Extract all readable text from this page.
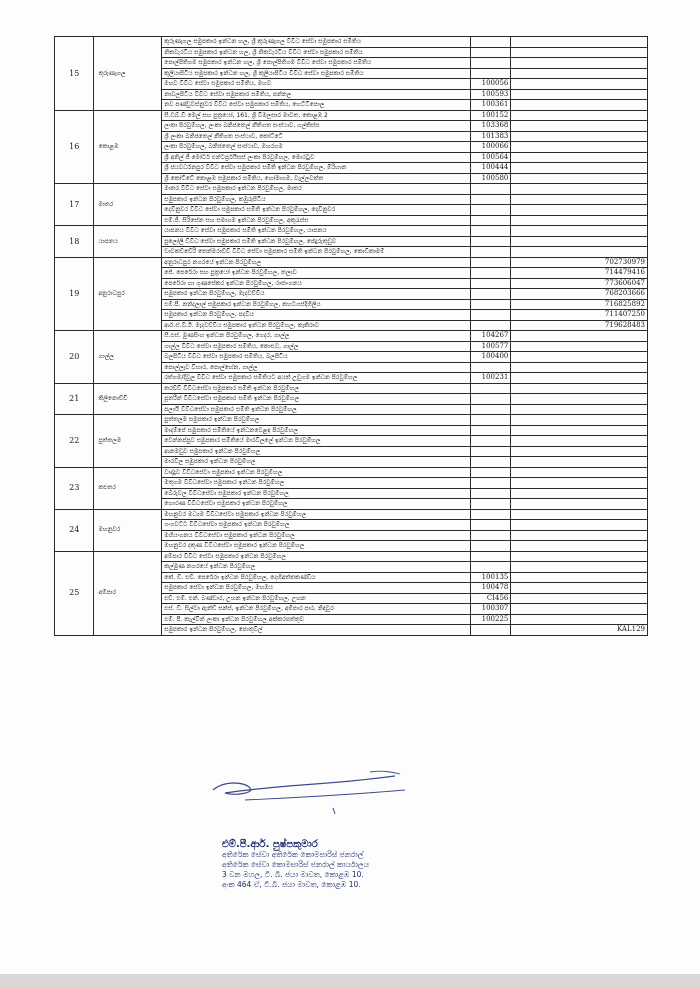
15	කුරුණෑගල	කුරුණෑගල සමුපකාර ඉන්ධන හල, ශ්‍රී කුරුණෑගල විවිධ සේවා සමුපකාර සමිතිය		
		නිකවැරටිය සමුපකාර ඉන්ධන හල, ශ්‍රී නිකවැරටිය විවිධ සේවා සමුපකාර සමිතිය		
		පොල්පිතිගම සමුපකාර ඉන්ධන හල, ශ්‍රී පොල්පිතිගම විවිධ සේවා සමුපකාර සමිතිය		
		කුලියාපිටිය සමුපකාර ඉන්ධන හල, ශ්‍රී කුලියාපිටිය විවිධ සේවා සමුපකාර සමිතිය		
		මහව විවිධ සේවා සමුපකාර සමිතිය, මහව	100056	
		නාවලපිටිය විවිධ සේවා සමුපකාර සමිතිය, පන්නල	100593	
		නව පණ්ඩුවස්නුවර විවිධ සේවා සමුපකාර සමිතිය, හෙට්ටිපොල	100361	
16	කොළඹ	සී.ඩබ්.ඩී මෙල් සහ පුත්‍රයෝ, 161, ශ්‍රී විමලසාර මාවත, කොළඹ 2	100152	
		ලංකා පිරවුම්හල, ලංකා ඛනිජතෙල් නීතිගත සංස්ථාව, ගල්කිස්ස	103368	
		ශ්‍රී ලංකා ඛනිජතෙල් නීතිගත සංස්ථාව, කෝට්ටේ	101383	
		ලංකා පිරවුම්හල, ඛනිජතෙල් සංස්ථාව, මහරගම	100066	
		ශ්‍රී අනිල් ජී මෝටර් එන්ටර්ප්‍රයිසස් ලංකා පිරවුම්හල, මොරටුව	100564	
		ශ්‍රී ජයවර්ධනපුර විවිධ සේවා සමුපකාර සමිති ඉන්ධන පිරවුම්හල, මිරිහාන	100444	
		ශ්‍රී කෝට්ටේ කොළඹ සමුපකාර සමිතිය, හෝමාගම, වැල්ලවත්ත	100580	
17	මාතර	මාතර විවිධ සේවා සමුපකාර ඉන්ධන පිරවුම්හල, මාතර		
		සමුපකාර ඉන්ධන පිරවුම්හල, කඹුරුපිටිය		
		දෙවිනුවර විවිධ සේවා සමුපකාර සමිති ඉන්ධන පිරවුම්හල, දෙවිනුවර		
		එම්.ජී. සිරිසේන සහ සමාගම ඉන්ධන පිරවුම්හල, අකුරැස්ස		
18	යාපනය	යාපනය විවිධ සේවා සමුපකාර සමිති ඉන්ධන පිරවුම්හල, යාපනය		
		පුලෝලි විවිධ සේවා සමුපකාර සමිති ඉන්ධන පිරවුම්හල, පේදුරුතුඩුව		
		චාවකච්චේරි තෙන්මරාච්චි විවිධ සේවා සමුපකාර සමිති ඉන්ධන පිරවුම්හල, කොඩිකාමම්		
19	අනුරාධපුර	අනුරාධපුර නගරයේ ඉන්ධන පිරවුම්හල		702730979
		ජේ. පෙරේරා සහ පුත්‍රයෝ ඉන්ධන පිරවුම්හල, තලාව		714479416
		පෙරේරා හා ගුණසේකර ඉන්ධන පිරවුම්හල, රාජාංගනය		773606047
		සමුපකාර ඉන්ධන පිරවුම්හල, මැදවච්චිය		768203666
		එම්.පී. නන්දලාල් සමුපකාර ඉන්ධන පිරවුම්හල, කහටගස්දිගිලිය		716825892
		සමුපකාර ඉන්ධන පිරවුම්හල, පදවිය		711407250
		ආර්.ඒ.වී.ඊ. මැදවච්චිය සමුපකාර ඉන්ධන පිරවුම්හල, කැකිරාව		719628483
20	ගාල්ල	සී.එස්. මුණසිංහ ඉන්ධන පිරවුම්හල, ගෙදර, ගාල්ල	104267	
		ගාල්ල විවිධ සේවා සමුපකාර සමිතිය, කොළුව, ගාල්ල	100577	
		බලපිටිය විවිධ සේවා සමුපකාර සමිතිය, බලපිටිය	100400	
		පොල්ලෑව විහාර, පොල්හේන, ගාල්ල		
		රත්ගම/දිවුල විවිධ සේවා සමුපකාර සමිතියට අයත් උඩුගම ඉන්ධන පිරවුම්හල	100231	
21	කිලිනොච්චි	කරච්චි විවිධසේවා සමුපකාර සමිති ඉන්ධන පිරවුම්හල		
		පූනරීන් විවිධසේවා සමුපකාර සමිති ඉන්ධන පිරවුම්හල		
		පලායි විවිධසේවා සමුපකාර සමිති ඉන්ධන පිරවුම්හල		
22	පුත්තලම	පුත්තලම සමුපකාර ඉන්ධන පිරවුම්හල		
		මාදම්පේ සමුපකාර සමිතියේ ඉන්ධනවෙළඳ පිරවුම්හල		
		වෙන්නප්පුව සමුපකාර සමිතියේ මාරවිලලේ ඉන්ධන පිරවුම්හල		
		ආනමඩුව සමුපකාර ඉන්ධන පිරවුම්හල		
		මාරවිල සමුපකාර ඉන්ධන පිරවුම්හල		
23	කළුතර	වාද්දුව විවිධසේවා සමුපකාර ඉන්ධන පිරවුම්හල		
		මතුගම විවිධසේවා සමුපකාර ඉන්ධන පිරවුම්හල		
		බේරුවල විවිධසේවා සමුපකාර ඉන්ධන පිරවුම්හල		
		හොරණ විවිධසේවා සමුපකාර ඉන්ධන පිරවුම්හල		
24	මහනුවර	මහනුවර මධ්‍යම විවිධසේවා සමුපකාර ඉන්ධන පිරවුම්හල		
		ගංගවට්ට විවිධසේවා සමුපකාර ඉන්ධන පිරවුම්හල		
		මහියංගනය විවිධසේවා සමුපකාර ඉන්ධන පිරවුම්හල		
		මහනුවර දකුණ විවිධසේවා සමුපකාර ඉන්ධන පිරවුම්හල		
25	අම්පාර	අම්පාර විවිධ සේවා සමුපකාර ඉන්ධන පිරවුම්හල		
		කල්මුණ නගරයේ ඉන්ධන පිරවුම්හල		
		කේ. ඩී. එච්. පෙරේරා ඉන්ධන පිරවුම්හල, දෙහිඅත්තකණ්ඩිය	100135	
		සමුපකාර සේවා ඉන්ධන පිරවුම්හල, මහඔය	100478	
		එච්. එම්. එන්. බණ්ඩාර, උහන ඉන්ධන පිරවුම්හල, උහන	CI456	
		එස්. ඩී. සිල්වා ඇන්ඩ් සන්ස්, ඉන්ධන පිරවුම්හල, අම්පාර පාර, නිඳවුර	100307	
		එම්. පී. කැල්වින් ලංකා ඉන්ධන පිරවුම්හල අක්කරපත්තුව	100225	
		සමුපකාර ඉන්ධන පිරවුම්හල, පොතුවිල්		KAL129
එම්.පී.ආර්. පුෂ්පකුමාර
අතිරේක සේවා අතිරේක කොමසාරිස් ජනරාල්
අතිරේක සේවා කොමසාරිස් ජනරාල් කාර්යාලය
3 වන මහල, ටී. බී. ජයා මාවත, කොළඹ 10.
අංක 464 ඒ, ටී.බී. ජයා මාවත, කොළඹ 10.
